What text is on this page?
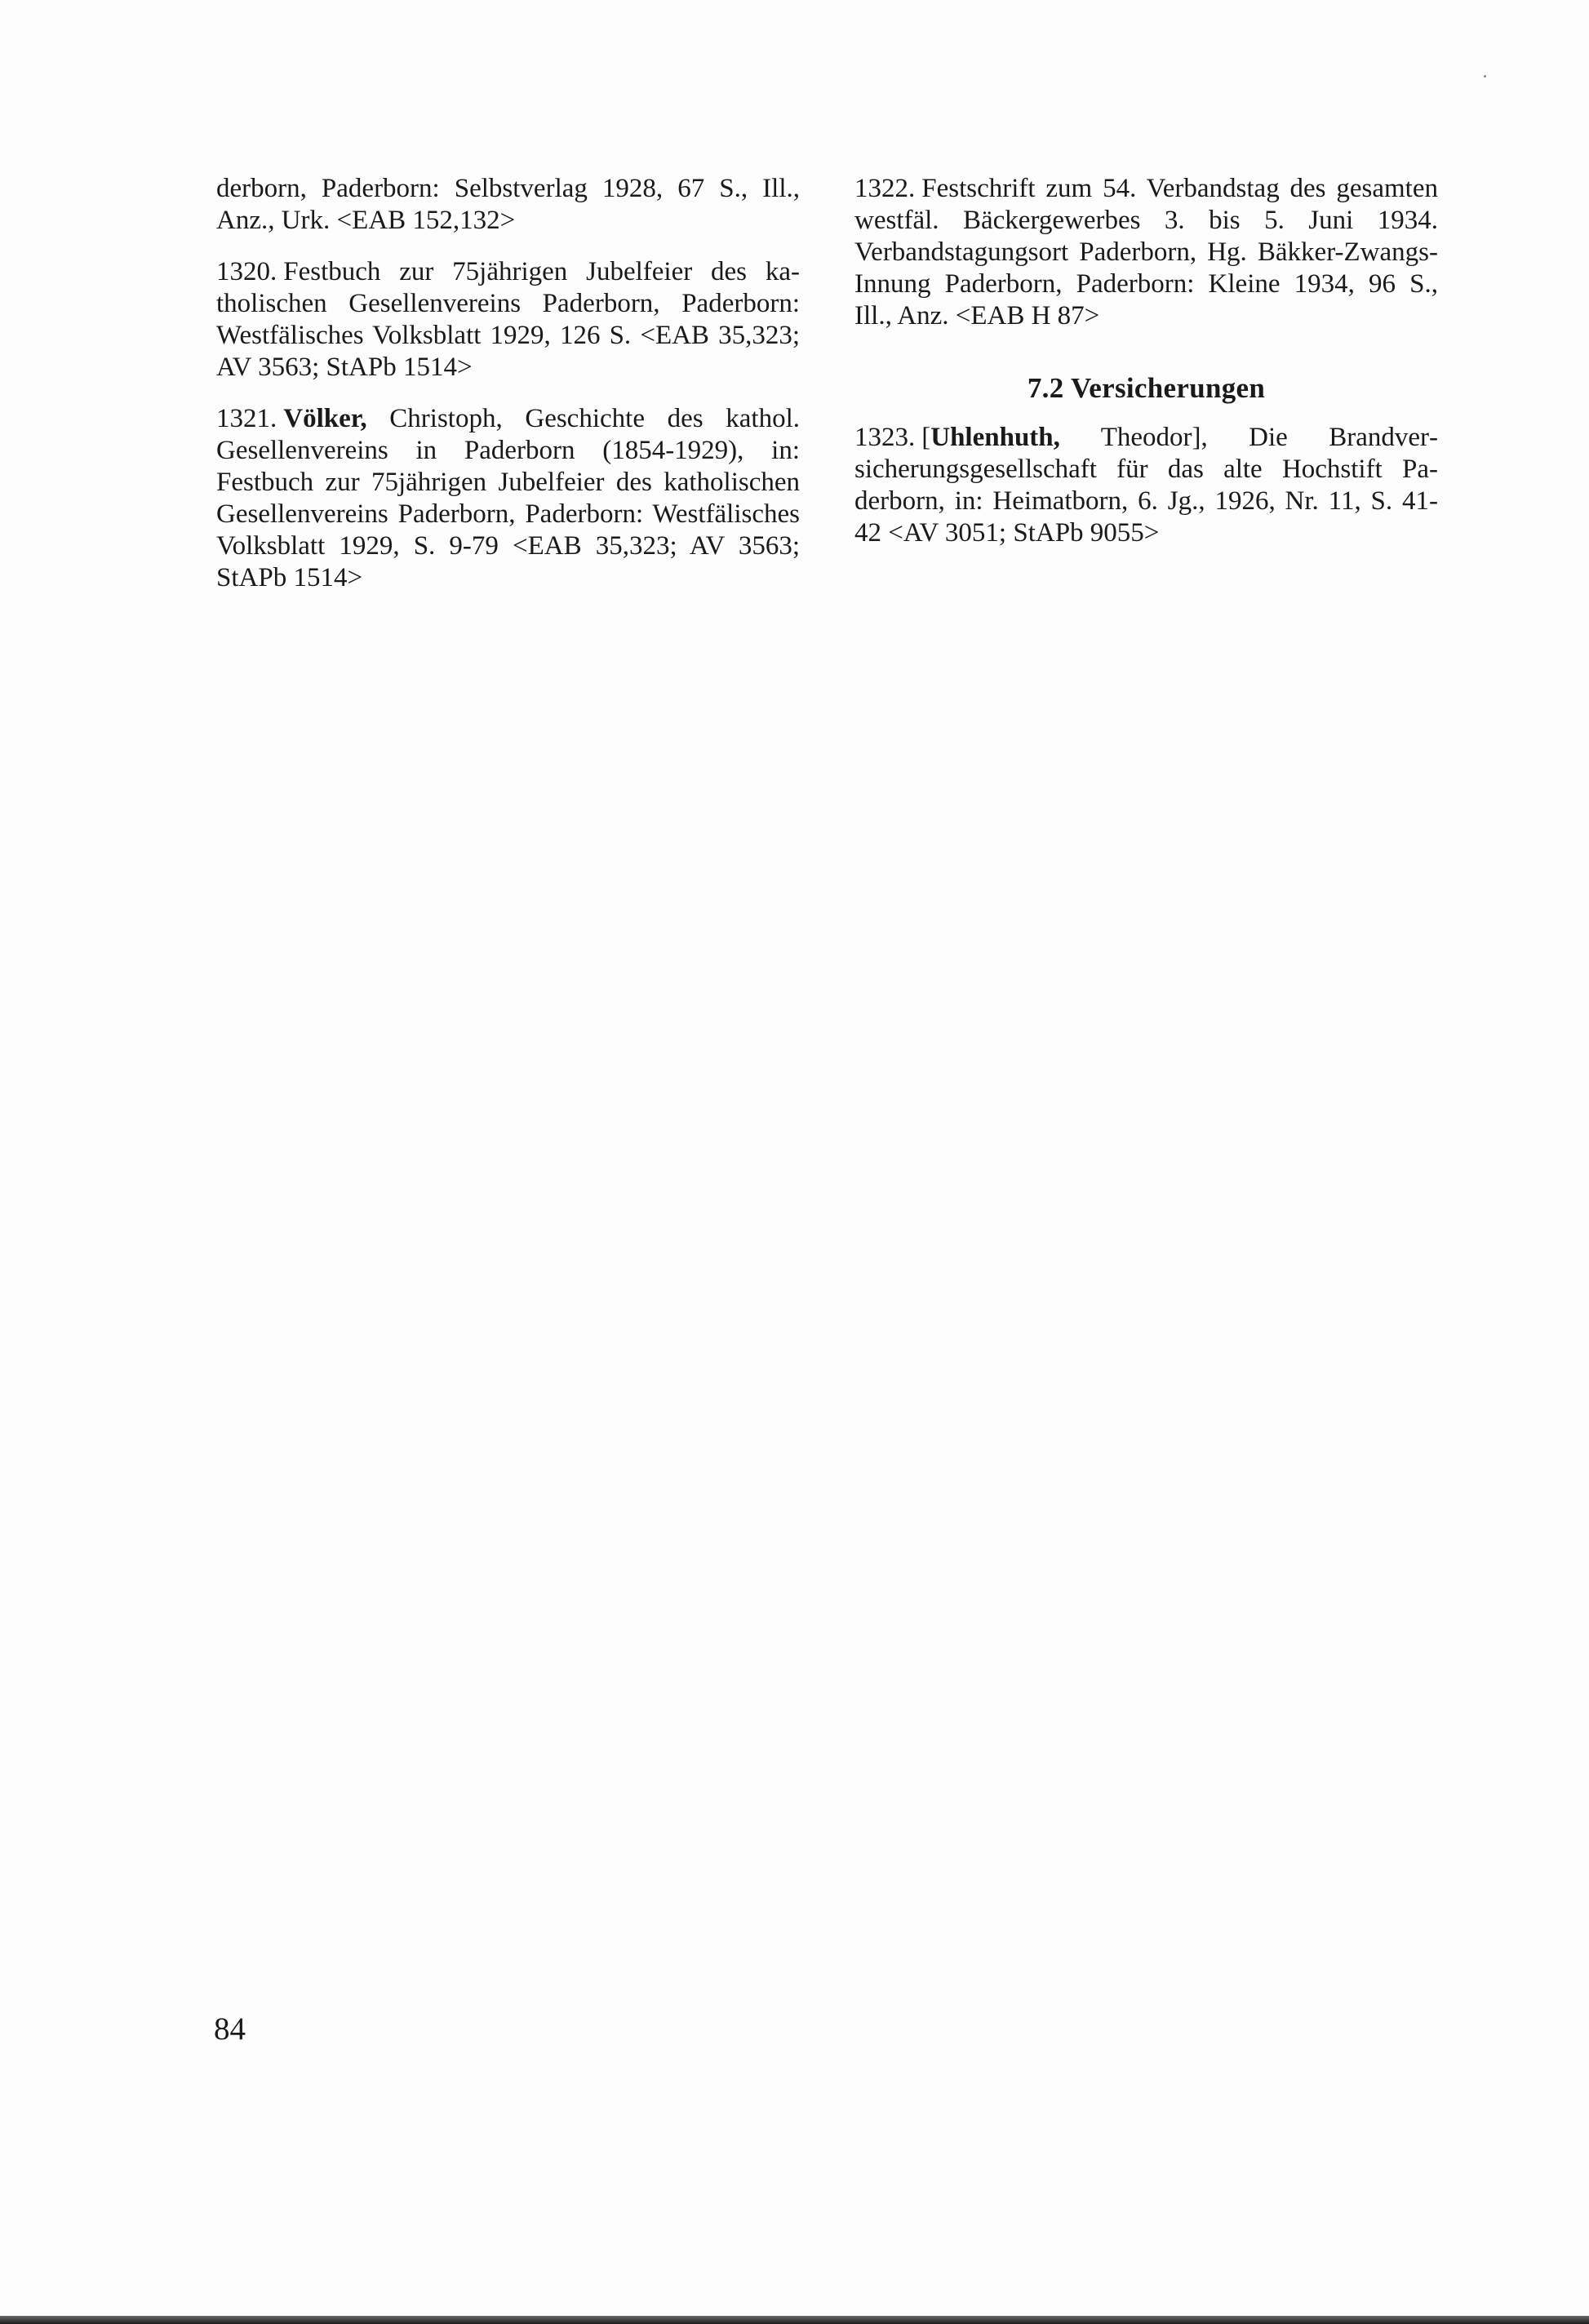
derborn, Paderborn: Selbstverlag 1928, 67 S., Ill., Anz., Urk. <EAB 152,132>

1320. Festbuch zur 75jährigen Jubelfeier des katholischen Gesellenvereins Paderborn, Paderborn: Westfälisches Volksblatt 1929, 126 S. <EAB 35,323; AV 3563; StAPb 1514>

1321. Völker, Christoph, Geschichte des kathol. Gesellenvereins in Paderborn (1854-1929), in: Festbuch zur 75jährigen Jubelfeier des katholischen Gesellenvereins Paderborn, Paderborn: Westfälisches Volksblatt 1929, S. 9-79 <EAB 35,323; AV 3563; StAPb 1514>

1322. Festschrift zum 54. Verbandstag des gesamten westfäl. Bäckergewerbes 3. bis 5. Juni 1934. Verbandstagungsort Paderborn, Hg. Bäkker-Zwangs-Innung Paderborn, Paderborn: Kleine 1934, 96 S., Ill., Anz. <EAB H 87>

7.2 Versicherungen

1323. [Uhlenhuth, Theodor], Die Brandversicherungsgesellschaft für das alte Hochstift Paderborn, in: Heimatborn, 6. Jg., 1926, Nr. 11, S. 41-42 <AV 3051; StAPb 9055>

84
